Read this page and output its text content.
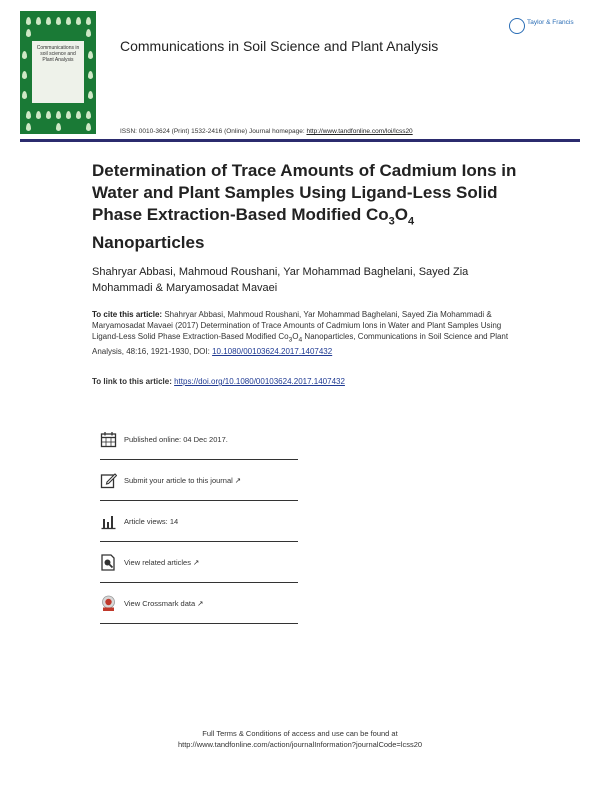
Communications in soil science and Plant Analysis
Communications in Soil Science and Plant Analysis
Taylor & Francis

ISSN: 0010-3624 (Print) 1532-2416 (Online) Journal homepage: http://www.tandfonline.com/loi/lcss20
Determination of Trace Amounts of Cadmium Ions in Water and Plant Samples Using Ligand-Less Solid Phase Extraction-Based Modified $Co_3O_4$ Nanoparticles
Shahryar Abbasi, Mahmoud Roushani, Yar Mohammad Baghelani, Sayed Zia Mohammadi & Maryamosadat Mavaei
To cite this article: Shahryar Abbasi, Mahmoud Roushani, Yar Mohammad Baghelani, Sayed Zia Mohammadi & Maryamosadat Mavaei (2017) Determination of Trace Amounts of Cadmium Ions in Water and Plant Samples Using Ligand-Less Solid Phase Extraction-Based Modified $Co_3O_4$ Nanoparticles, Communications in Soil Science and Plant Analysis, 48:16, 1921-1930, DOI: 10.1080/00103624.2017.1407432
To link to this article: https://doi.org/10.1080/00103624.2017.1407432
Published online: 04 Dec 2017.
Submit your article to this journal ↗
Article views: 14
View related articles ↗
View Crossmark data ↗
Full Terms & Conditions of access and use can be found at
http://www.tandfonline.com/action/journalInformation?journalCode=lcss20
